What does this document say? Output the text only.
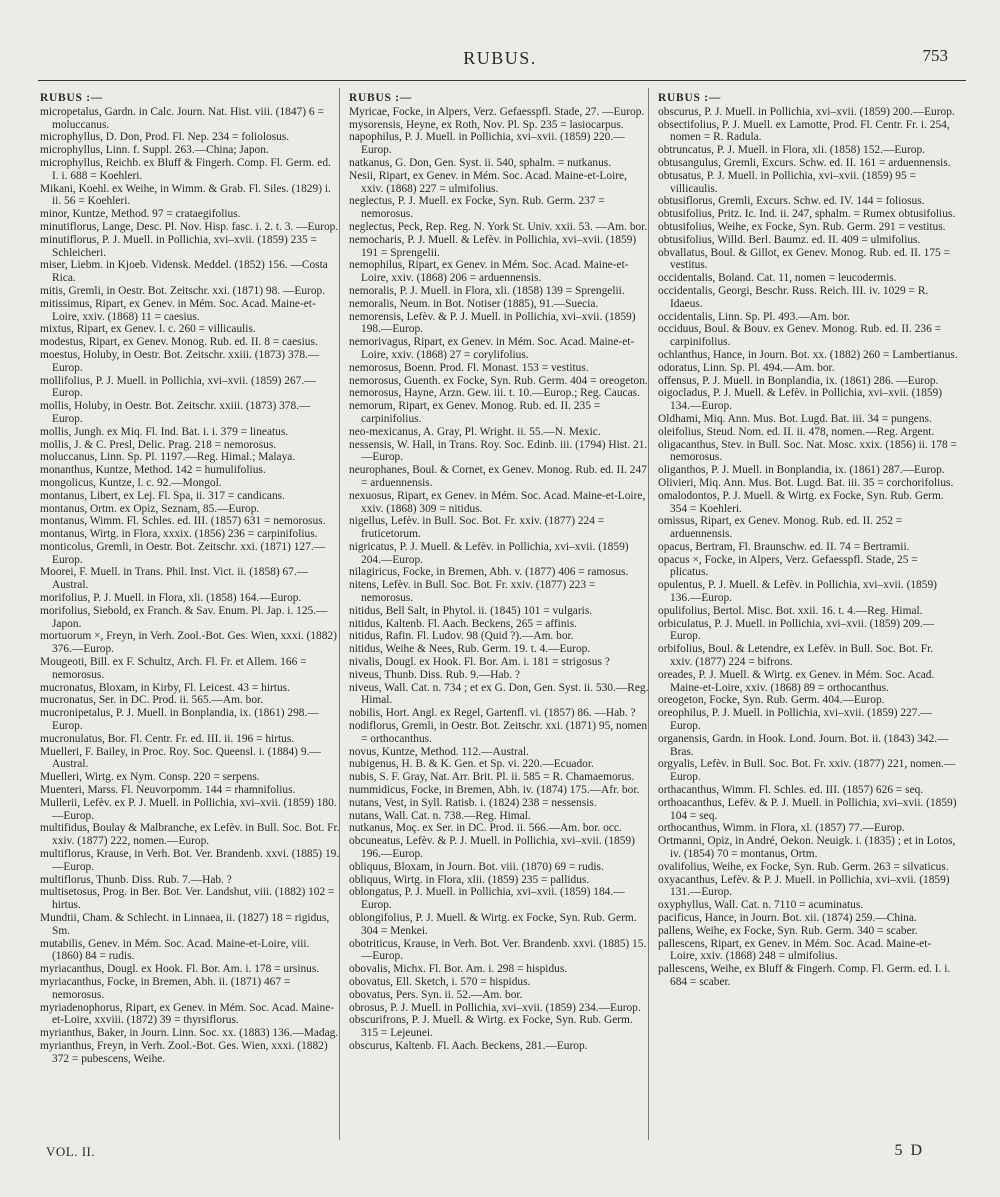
RUBUS.	753
RUBUS :—
micropetalus, Gardn. in Calc. Journ. Nat. Hist. viii. (1847) 6 = moluccanus.
microphyllus, D. Don, Prod. Fl. Nep. 234 = foliolosus.
microphyllus, Linn. f. Suppl. 263.—China; Japon.
microphyllus, Reichb. ex Bluff & Fingerh. Comp. Fl. Germ. ed. I. i. 688 = Koehleri.
Mikani, Koehl. ex Weihe, in Wimm. & Grab. Fl. Siles. (1829) i. ii. 56 = Koehleri.
minor, Kuntze, Method. 97 = crataegifolius.
minutiflorus, Lange, Desc. Pl. Nov. Hisp. fasc. i. 2. t. 3. —Europ.
minutiflorus, P. J. Muell. in Pollichia, xvi–xvii. (1859) 235 = Schleicheri.
miser, Liebm. in Kjoeb. Vidensk. Meddel. (1852) 156. —Costa Rica.
mitis, Gremli, in Oestr. Bot. Zeitschr. xxi. (1871) 98. —Europ.
mitissimus, Ripart, ex Genev. in Mém. Soc. Acad. Maine-et-Loire, xxiv. (1868) 11 = caesius.
mixtus, Ripart, ex Genev. l. c. 260 = villicaulis.
modestus, Ripart, ex Genev. Monog. Rub. ed. II. 8 = caesius.
moestus, Holuby, in Oestr. Bot. Zeitschr. xxiii. (1873) 378.—Europ.
mollifolius, P. J. Muell. in Pollichia, xvi–xvii. (1859) 267.—Europ.
mollis, Holuby, in Oestr. Bot. Zeitschr. xxiii. (1873) 378.—Europ.
mollis, Jungh. ex Miq. Fl. Ind. Bat. i. i. 379 = lineatus.
mollis, J. & C. Presl, Delic. Prag. 218 = nemorosus.
moluccanus, Linn. Sp. Pl. 1197.—Reg. Himal.; Malaya.
monanthus, Kuntze, Method. 142 = humulifolius.
mongolicus, Kuntze, l. c. 92.—Mongol.
montanus, Libert, ex Lej. Fl. Spa, ii. 317 = candicans.
montanus, Ortm. ex Opiz, Seznam, 85.—Europ.
montanus, Wimm. Fl. Schles. ed. III. (1857) 631 = nemorosus.
montanus, Wirtg. in Flora, xxxix. (1856) 236 = carpinifolius.
monticolus, Gremli, in Oestr. Bot. Zeitschr. xxi. (1871) 127.—Europ.
Moorei, F. Muell. in Trans. Phil. Inst. Vict. ii. (1858) 67.—Austral.
morifolius, P. J. Muell. in Flora, xli. (1858) 164.—Europ.
morifolius, Siebold, ex Franch. & Sav. Enum. Pl. Jap. i. 125.—Japon.
mortuorum ×, Freyn, in Verh. Zool.-Bot. Ges. Wien, xxxi. (1882) 376.—Europ.
Mougeoti, Bill. ex F. Schultz, Arch. Fl. Fr. et Allem. 166 = nemorosus.
mucronatus, Bloxam, in Kirby, Fl. Leicest. 43 = hirtus.
mucronatus, Ser. in DC. Prod. ii. 565.—Am. bor.
mucronipetalus, P. J. Muell. in Bonplandia, ix. (1861) 298.—Europ.
mucronulatus, Bor. Fl. Centr. Fr. ed. III. ii. 196 = hirtus.
Muelleri, F. Bailey, in Proc. Roy. Soc. Queensl. i. (1884) 9.—Austral.
Muelleri, Wirtg. ex Nym. Consp. 220 = serpens.
Muenteri, Marss. Fl. Neuvorpomm. 144 = rhamnifolius.
Mullerii, Lefèv. ex P. J. Muell. in Pollichia, xvi–xvii. (1859) 180.—Europ.
multifidus, Boulay & Malbranche, ex Lefèv. in Bull. Soc. Bot. Fr. xxiv. (1877) 222, nomen.—Europ.
multiflorus, Krause, in Verh. Bot. Ver. Brandenb. xxvi. (1885) 19.—Europ.
multiflorus, Thunb. Diss. Rub. 7.—Hab. ?
multisetosus, Prog. in Ber. Bot. Ver. Landshut, viii. (1882) 102 = hirtus.
Mundtii, Cham. & Schlecht. in Linnaea, ii. (1827) 18 = rigidus, Sm.
mutabilis, Genev. in Mém. Soc. Acad. Maine-et-Loire, viii. (1860) 84 = rudis.
myriacanthus, Dougl. ex Hook. Fl. Bor. Am. i. 178 = ursinus.
myriacanthus, Focke, in Bremen, Abh. ii. (1871) 467 = nemorosus.
myriadenophorus, Ripart, ex Genev. in Mém. Soc. Acad. Maine-et-Loire, xxviii. (1872) 39 = thyrsiflorus.
myrianthus, Baker, in Journ. Linn. Soc. xx. (1883) 136.—Madag.
myrianthus, Freyn, in Verh. Zool.-Bot. Ges. Wien, xxxi. (1882) 372 = pubescens, Weihe.
RUBUS :—
Myricae, Focke, in Alpers, Verz. Gefaesspfl. Stade, 27. —Europ.
mysorensis, Heyne, ex Roth, Nov. Pl. Sp. 235 = lasiocarpus.
napophilus, P. J. Muell. in Pollichia, xvi–xvii. (1859) 220.—Europ.
natkanus, G. Don, Gen. Syst. ii. 540, sphalm. = nutkanus.
Nesii, Ripart, ex Genev. in Mém. Soc. Acad. Maine-et-Loire, xxiv. (1868) 227 = ulmifolius.
neglectus, P. J. Muell. ex Focke, Syn. Rub. Germ. 237 = nemorosus.
neglectus, Peck, Rep. Reg. N. York St. Univ. xxii. 53. —Am. bor.
nemocharis, P. J. Muell. & Lefèv. in Pollichia, xvi–xvii. (1859) 191 = Sprengelii.
nemophilus, Ripart, ex Genev. in Mém. Soc. Acad. Maine-et-Loire, xxiv. (1868) 206 = arduennensis.
nemoralis, P. J. Muell. in Flora, xli. (1858) 139 = Sprengelii.
nemoralis, Neum. in Bot. Notiser (1885), 91.—Suecia.
nemorensis, Lefèv. & P. J. Muell. in Pollichia, xvi–xvii. (1859) 198.—Europ.
nemorivagus, Ripart, ex Genev. in Mém. Soc. Acad. Maine-et-Loire, xxiv. (1868) 27 = corylifolius.
nemorosus, Boenn. Prod. Fl. Monast. 153 = vestitus.
nemorosus, Guenth. ex Focke, Syn. Rub. Germ. 404 = oreogeton.
nemorosus, Hayne, Arzn. Gew. iii. t. 10.—Europ.; Reg. Caucas.
nemorum, Ripart, ex Genev. Monog. Rub. ed. II. 235 = carpinifolius.
neo-mexicanus, A. Gray, Pl. Wright. ii. 55.—N. Mexic.
nessensis, W. Hall, in Trans. Roy. Soc. Edinb. iii. (1794) Hist. 21.—Europ.
neurophanes, Boul. & Cornet, ex Genev. Monog. Rub. ed. II. 247 = arduennensis.
nexuosus, Ripart, ex Genev. in Mém. Soc. Acad. Maine-et-Loire, xxiv. (1868) 309 = nitidus.
nigellus, Lefèv. in Bull. Soc. Bot. Fr. xxiv. (1877) 224 = fruticetorum.
nigricatus, P. J. Muell. & Lefèv. in Pollichia, xvi–xvii. (1859) 204.—Europ.
nilagiricus, Focke, in Bremen, Abh. v. (1877) 406 = ramosus.
nitens, Lefèv. in Bull. Soc. Bot. Fr. xxiv. (1877) 223 = nemorosus.
nitidus, Bell Salt, in Phytol. ii. (1845) 101 = vulgaris.
nitidus, Kaltenb. Fl. Aach. Beckens, 265 = affinis.
nitidus, Rafin. Fl. Ludov. 98 (Quid ?).—Am. bor.
nitidus, Weihe & Nees, Rub. Germ. 19. t. 4.—Europ.
nivalis, Dougl. ex Hook. Fl. Bor. Am. i. 181 = strigosus ?
niveus, Thunb. Diss. Rub. 9.—Hab. ?
niveus, Wall. Cat. n. 734 ; et ex G. Don, Gen. Syst. ii. 530.—Reg. Himal.
nobilis, Hort. Angl. ex Regel, Gartenfl. vi. (1857) 86. —Hab. ?
nodiflorus, Gremli, in Oestr. Bot. Zeitschr. xxi. (1871) 95, nomen = orthocanthus.
novus, Kuntze, Method. 112.—Austral.
nubigenus, H. B. & K. Gen. et Sp. vi. 220.—Ecuador.
nubis, S. F. Gray, Nat. Arr. Brit. Pl. ii. 585 = R. Chamaemorus.
nummidicus, Focke, in Bremen, Abh. iv. (1874) 175.—Afr. bor.
nutans, Vest, in Syll. Ratisb. i. (1824) 238 = nessensis.
nutans, Wall. Cat. n. 738.—Reg. Himal.
nutkanus, Moç. ex Ser. in DC. Prod. ii. 566.—Am. bor. occ.
obcuneatus, Lefèv. & P. J. Muell. in Pollichia, xvi–xvii. (1859) 196.—Europ.
obliquus, Bloxam, in Journ. Bot. viii. (1870) 69 = rudis.
obliquus, Wirtg. in Flora, xlii. (1859) 235 = pallidus.
oblongatus, P. J. Muell. in Pollichia, xvi–xvii. (1859) 184.—Europ.
oblongifolius, P. J. Muell. & Wirtg. ex Focke, Syn. Rub. Germ. 304 = Menkei.
obotriticus, Krause, in Verh. Bot. Ver. Brandenb. xxvi. (1885) 15.—Europ.
obovalis, Michx. Fl. Bor. Am. i. 298 = hispidus.
obovatus, Ell. Sketch, i. 570 = hispidus.
obovatus, Pers. Syn. ii. 52.—Am. bor.
obrosus, P. J. Muell. in Pollichia, xvi–xvii. (1859) 234.—Europ.
obscurifrons, P. J. Muell. & Wirtg. ex Focke, Syn. Rub. Germ. 315 = Lejeunei.
obscurus, Kaltenb. Fl. Aach. Beckens, 281.—Europ.
RUBUS :—
obscurus, P. J. Muell. in Pollichia, xvi–xvii. (1859) 200.—Europ.
obsectifolius, P. J. Muell. ex Lamotte, Prod. Fl. Centr. Fr. i. 254, nomen = R. Radula.
obtruncatus, P. J. Muell. in Flora, xli. (1858) 152.—Europ.
obtusangulus, Gremli, Excurs. Schw. ed. II. 161 = arduennensis.
obtusatus, P. J. Muell. in Pollichia, xvi–xvii. (1859) 95 = villicaulis.
obtusiflorus, Gremli, Excurs. Schw. ed. IV. 144 = foliosus.
obtusifolius, Pritz. Ic. Ind. ii. 247, sphalm. = Rumex obtusifolius.
obtusifolius, Weihe, ex Focke, Syn. Rub. Germ. 291 = vestitus.
obtusifolius, Willd. Berl. Baumz. ed. II. 409 = ulmifolius.
obvallatus, Boul. & Gillot, ex Genev. Monog. Rub. ed. II. 175 = vestitus.
occidentalis, Boland. Cat. 11, nomen = leucodermis.
occidentalis, Georgi, Beschr. Russ. Reich. III. iv. 1029 = R. Idaeus.
occidentalis, Linn. Sp. Pl. 493.—Am. bor.
occiduus, Boul. & Bouv. ex Genev. Monog. Rub. ed. II. 236 = carpinifolius.
ochlanthus, Hance, in Journ. Bot. xx. (1882) 260 = Lambertianus.
odoratus, Linn. Sp. Pl. 494.—Am. bor.
offensus, P. J. Muell. in Bonplandia, ix. (1861) 286. —Europ.
oigocladus, P. J. Muell. & Lefèv. in Pollichia, xvi–xvii. (1859) 134.—Europ.
Oldhami, Miq. Ann. Mus. Bot. Lugd. Bat. iii. 34 = pungens.
oleifolius, Steud. Nom. ed. II. ii. 478, nomen.—Reg. Argent.
oligacanthus, Stev. in Bull. Soc. Nat. Mosc. xxix. (1856) ii. 178 = nemorosus.
oliganthos, P. J. Muell. in Bonplandia, ix. (1861) 287.—Europ.
Olivieri, Miq. Ann. Mus. Bot. Lugd. Bat. iii. 35 = corchorifolius.
omalodontos, P. J. Muell. & Wirtg. ex Focke, Syn. Rub. Germ. 354 = Koehleri.
omissus, Ripart, ex Genev. Monog. Rub. ed. II. 252 = arduennensis.
opacus, Bertram, Fl. Braunschw. ed. II. 74 = Bertramii.
opacus ×, Focke, in Alpers, Verz. Gefaesspfl. Stade, 25 = plicatus.
opulentus, P. J. Muell. & Lefèv. in Pollichia, xvi–xvii. (1859) 136.—Europ.
opulifolius, Bertol. Misc. Bot. xxii. 16. t. 4.—Reg. Himal.
orbiculatus, P. J. Muell. in Pollichia, xvi–xvii. (1859) 209.—Europ.
orbifolius, Boul. & Letendre, ex Lefèv. in Bull. Soc. Bot. Fr. xxiv. (1877) 224 = bifrons.
oreades, P. J. Muell. & Wirtg. ex Genev. in Mém. Soc. Acad. Maine-et-Loire, xxiv. (1868) 89 = orthocanthus.
oreogeton, Focke, Syn. Rub. Germ. 404.—Europ.
oreophilus, P. J. Muell. in Pollichia, xvi–xvii. (1859) 227.—Europ.
organensis, Gardn. in Hook. Lond. Journ. Bot. ii. (1843) 342.—Bras.
orgyalis, Lefèv. in Bull. Soc. Bot. Fr. xxiv. (1877) 221, nomen.—Europ.
orthacanthus, Wimm. Fl. Schles. ed. III. (1857) 626 = seq.
orthoacanthus, Lefèv. & P. J. Muell. in Pollichia, xvi–xvii. (1859) 104 = seq.
orthocanthus, Wimm. in Flora, xl. (1857) 77.—Europ.
Ortmanni, Opiz, in André, Oekon. Neuigk. i. (1835) ; et in Lotos, iv. (1854) 70 = montanus, Ortm.
ovalifolius, Weihe, ex Focke, Syn. Rub. Germ. 263 = silvaticus.
oxyacanthus, Lefèv. & P. J. Muell. in Pollichia, xvi–xvii. (1859) 131.—Europ.
oxyphyllus, Wall. Cat. n. 7110 = acuminatus.
pacificus, Hance, in Journ. Bot. xii. (1874) 259.—China.
pallens, Weihe, ex Focke, Syn. Rub. Germ. 340 = scaber.
pallescens, Ripart, ex Genev. in Mém. Soc. Acad. Maine-et-Loire, xxiv. (1868) 248 = ulmifolius.
pallescens, Weihe, ex Bluff & Fingerh. Comp. Fl. Germ. ed. I. i. 684 = scaber.
VOL. II.	5 D
